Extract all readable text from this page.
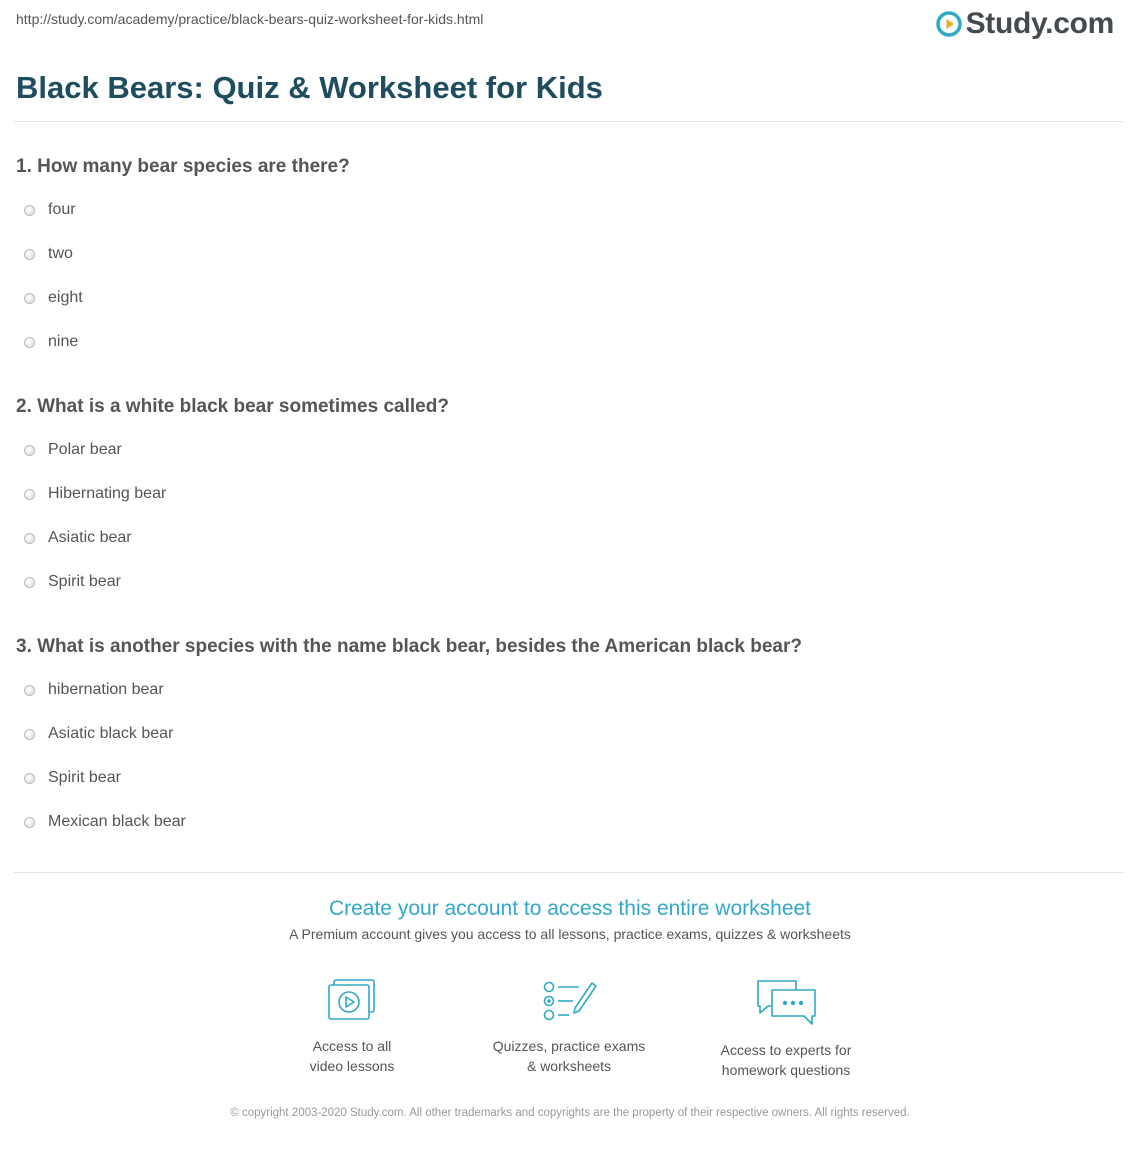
http://study.com/academy/practice/black-bears-quiz-worksheet-for-kids.html	Study.com
Black Bears: Quiz & Worksheet for Kids
1. How many bear species are there?
four
two
eight
nine
2. What is a white black bear sometimes called?
Polar bear
Hibernating bear
Asiatic bear
Spirit bear
3. What is another species with the name black bear, besides the American black bear?
hibernation bear
Asiatic black bear
Spirit bear
Mexican black bear
Create your account to access this entire worksheet
A Premium account gives you access to all lessons, practice exams, quizzes & worksheets
Access to all
video lessons
Quizzes, practice exams
& worksheets
Access to experts for
homework questions
© copyright 2003-2020 Study.com. All other trademarks and copyrights are the property of their respective owners. All rights reserved.
